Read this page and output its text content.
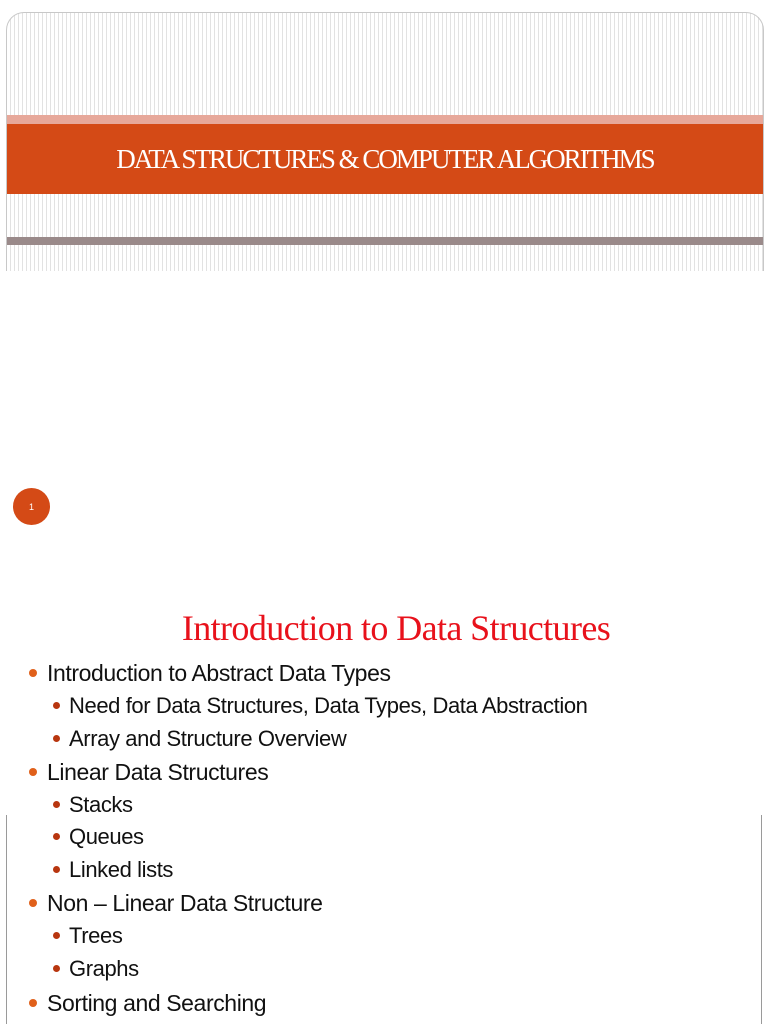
DATA STRUCTURES & COMPUTER ALGORITHMS
1
Introduction to Data Structures
Introduction to Abstract Data Types
Need for Data Structures, Data Types, Data Abstraction
Array and Structure Overview
Linear Data Structures
Stacks
Queues
Linked lists
Non – Linear Data Structure
Trees
Graphs
Sorting and Searching
